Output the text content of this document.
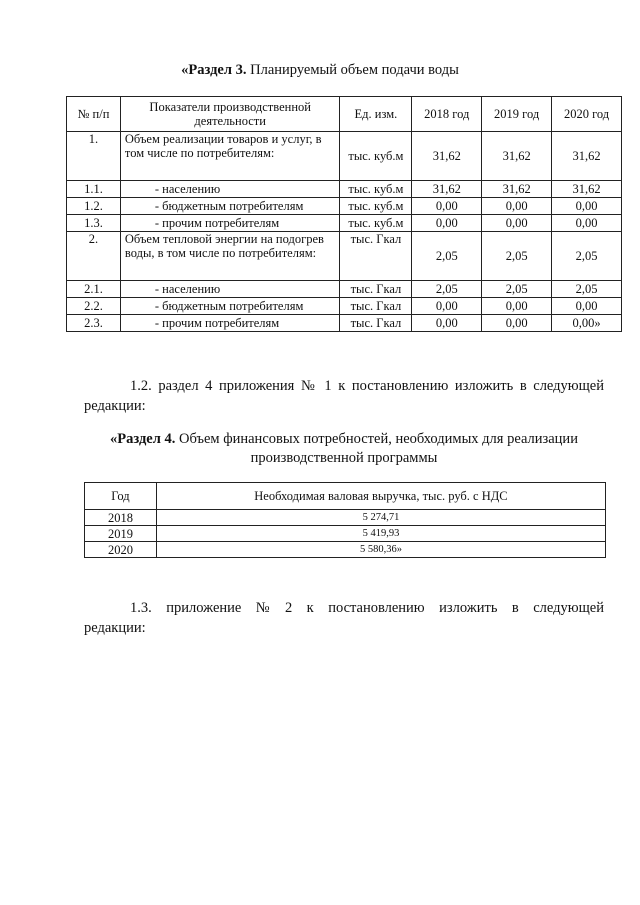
«Раздел 3. Планируемый объем подачи воды
№ п/п	Показатели производственной деятельности	Ед. изм.	2018 год	2019 год	2020 год
1.	Объем реализации товаров и услуг, в том числе по потребителям:	тыс. куб.м	31,62	31,62	31,62
1.1.	- населению	тыс. куб.м	31,62	31,62	31,62
1.2.	- бюджетным потребителям	тыс. куб.м	0,00	0,00	0,00
1.3.	- прочим потребителям	тыс. куб.м	0,00	0,00	0,00
2.	Объем тепловой энергии на подогрев воды, в том числе по потребителям:	тыс. Гкал	2,05	2,05	2,05
2.1.	- населению	тыс. Гкал	2,05	2,05	2,05
2.2.	- бюджетным потребителям	тыс. Гкал	0,00	0,00	0,00
2.3.	- прочим потребителям	тыс. Гкал	0,00	0,00	0,00»
1.2. раздел 4 приложения № 1 к постановлению изложить в следующей редакции:
«Раздел 4. Объем финансовых потребностей, необходимых для реализации производственной программы
Год	Необходимая валовая выручка, тыс. руб. с НДС
2018	5 274,71
2019	5 419,93
2020	5 580,36»
1.3. приложение № 2 к постановлению изложить в следующей редакции:
